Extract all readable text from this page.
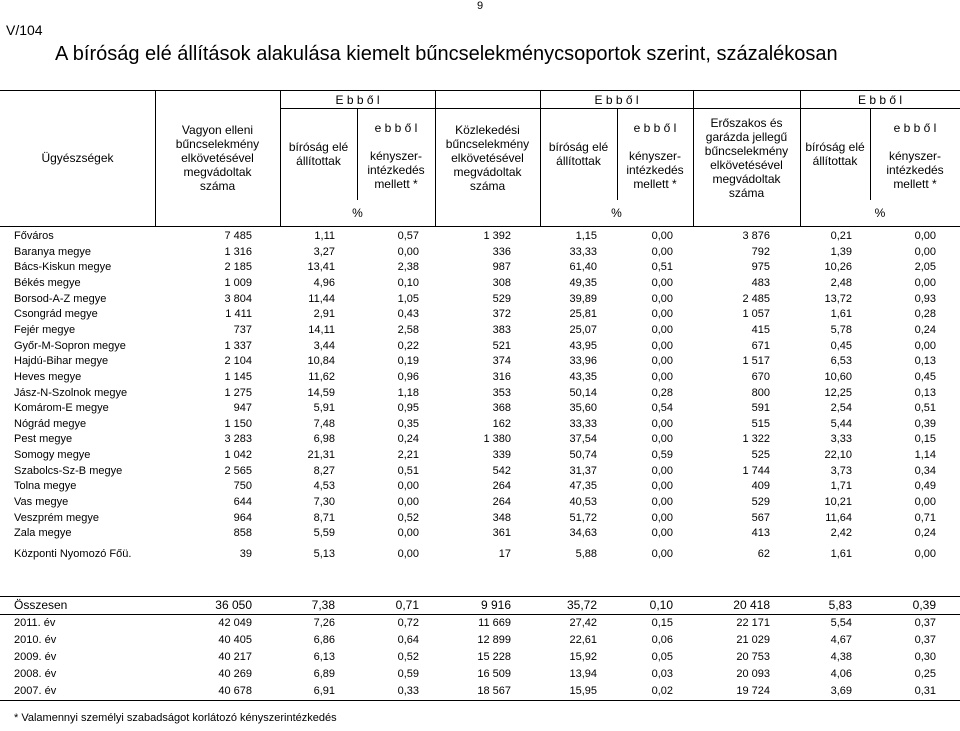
9
V/104
A bíróság elé állítások alakulása kiemelt bűncselekménycsoportok szerint, százalékosan
Ügyészségek
Vagyon elleni
bűncselekmény
elkövetésével
megvádoltak
száma
E b b ő l
bíróság elé
állítottak
e b b ő l
kényszer-
intézkedés
mellett *
%
Közlekedési
bűncselekmény
elkövetésével
megvádoltak
száma
E b b ő l
bíróság elé
állítottak
e b b ő l
kényszer-
intézkedés
mellett *
%
Erőszakos és
garázda jellegű
bűncselekmény
elkövetésével
megvádoltak
száma
E b b ő l
bíróság elé
állítottak
e b b ő l
kényszer-
intézkedés
mellett *
%
Főváros	7 485	1,11	0,57	1 392	1,15	0,00	3 876	0,21	0,00
Baranya megye	1 316	3,27	0,00	336	33,33	0,00	792	1,39	0,00
Bács-Kiskun megye	2 185	13,41	2,38	987	61,40	0,51	975	10,26	2,05
Békés megye	1 009	4,96	0,10	308	49,35	0,00	483	2,48	0,00
Borsod-A-Z megye	3 804	11,44	1,05	529	39,89	0,00	2 485	13,72	0,93
Csongrád megye	1 411	2,91	0,43	372	25,81	0,00	1 057	1,61	0,28
Fejér megye	737	14,11	2,58	383	25,07	0,00	415	5,78	0,24
Győr-M-Sopron megye	1 337	3,44	0,22	521	43,95	0,00	671	0,45	0,00
Hajdú-Bihar megye	2 104	10,84	0,19	374	33,96	0,00	1 517	6,53	0,13
Heves megye	1 145	11,62	0,96	316	43,35	0,00	670	10,60	0,45
Jász-N-Szolnok megye	1 275	14,59	1,18	353	50,14	0,28	800	12,25	0,13
Komárom-E megye	947	5,91	0,95	368	35,60	0,54	591	2,54	0,51
Nógrád megye	1 150	7,48	0,35	162	33,33	0,00	515	5,44	0,39
Pest megye	3 283	6,98	0,24	1 380	37,54	0,00	1 322	3,33	0,15
Somogy megye	1 042	21,31	2,21	339	50,74	0,59	525	22,10	1,14
Szabolcs-Sz-B megye	2 565	8,27	0,51	542	31,37	0,00	1 744	3,73	0,34
Tolna megye	750	4,53	0,00	264	47,35	0,00	409	1,71	0,49
Vas megye	644	7,30	0,00	264	40,53	0,00	529	10,21	0,00
Veszprém megye	964	8,71	0,52	348	51,72	0,00	567	11,64	0,71
Zala megye	858	5,59	0,00	361	34,63	0,00	413	2,42	0,24
Központi Nyomozó Főü.	39	5,13	0,00	17	5,88	0,00	62	1,61	0,00
Összesen	36 050	7,38	0,71	9 916	35,72	0,10	20 418	5,83	0,39
2011. év	42 049	7,26	0,72	11 669	27,42	0,15	22 171	5,54	0,37
2010. év	40 405	6,86	0,64	12 899	22,61	0,06	21 029	4,67	0,37
2009. év	40 217	6,13	0,52	15 228	15,92	0,05	20 753	4,38	0,30
2008. év	40 269	6,89	0,59	16 509	13,94	0,03	20 093	4,06	0,25
2007. év	40 678	6,91	0,33	18 567	15,95	0,02	19 724	3,69	0,31
* Valamennyi személyi szabadságot korlátozó kényszerintézkedés
